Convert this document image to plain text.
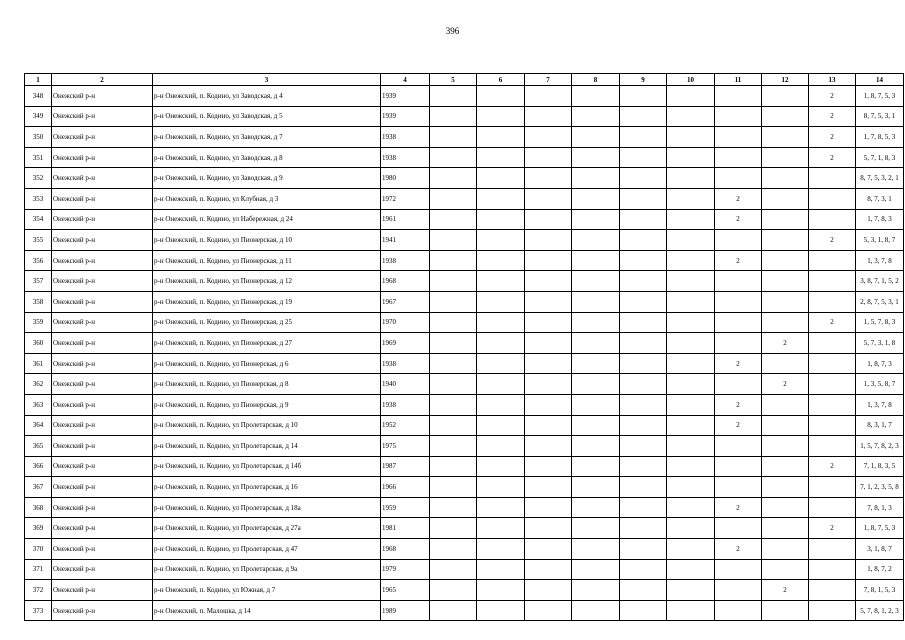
396
1	2	3	4	5	6	7	8	9	10	11	12	13	14
348	Онежский р-н	р-н Онежский, п. Кодино, ул Заводская, д 4	1939									2	1, 8, 7, 5, 3
349	Онежский р-н	р-н Онежский, п. Кодино, ул Заводская, д 5	1939									2	8, 7, 5, 3, 1
350	Онежский р-н	р-н Онежский, п. Кодино, ул Заводская, д 7	1938									2	1, 7, 8, 5, 3
351	Онежский р-н	р-н Онежский, п. Кодино, ул Заводская, д 8	1938									2	5, 7, 1, 8, 3
352	Онежский р-н	р-н Онежский, п. Кодино, ул Заводская, д 9	1980										8, 7, 5, 3, 2, 1
353	Онежский р-н	р-н Онежский, п. Кодино, ул Клубная, д 3	1972							2			8, 7, 3, 1
354	Онежский р-н	р-н Онежский, п. Кодино, ул Набережная, д 24	1961							2			1, 7, 8, 3
355	Онежский р-н	р-н Онежский, п. Кодино, ул Пионерская, д 10	1941									2	5, 3, 1, 8, 7
356	Онежский р-н	р-н Онежский, п. Кодино, ул Пионерская, д 11	1938							2			1, 3, 7, 8
357	Онежский р-н	р-н Онежский, п. Кодино, ул Пионерская, д 12	1968										3, 8, 7, 1, 5, 2
358	Онежский р-н	р-н Онежский, п. Кодино, ул Пионерская, д 19	1967										2, 8, 7, 5, 3, 1
359	Онежский р-н	р-н Онежский, п. Кодино, ул Пионерская, д 25	1970									2	1, 5, 7, 8, 3
360	Онежский р-н	р-н Онежский, п. Кодино, ул Пионерская, д 27	1969								2		5, 7, 3, 1, 8
361	Онежский р-н	р-н Онежский, п. Кодино, ул Пионерская, д 6	1938							2			1, 8, 7, 3
362	Онежский р-н	р-н Онежский, п. Кодино, ул Пионерская, д 8	1940								2		1, 3, 5, 8, 7
363	Онежский р-н	р-н Онежский, п. Кодино, ул Пионерская, д 9	1938							2			1, 3, 7, 8
364	Онежский р-н	р-н Онежский, п. Кодино, ул Пролетарская, д 10	1952							2			8, 3, 1, 7
365	Онежский р-н	р-н Онежский, п. Кодино, ул Пролетарская, д 14	1975										1, 5, 7, 8, 2, 3
366	Онежский р-н	р-н Онежский, п. Кодино, ул Пролетарская, д 14б	1987									2	7, 1, 8, 3, 5
367	Онежский р-н	р-н Онежский, п. Кодино, ул Пролетарская, д 16	1966										7, 1, 2, 3, 5, 8
368	Онежский р-н	р-н Онежский, п. Кодино, ул Пролетарская, д 18а	1959							2			7, 8, 1, 3
369	Онежский р-н	р-н Онежский, п. Кодино, ул Пролетарская, д 27а	1981									2	1, 8, 7, 5, 3
370	Онежский р-н	р-н Онежский, п. Кодино, ул Пролетарская, д 47	1968							2			3, 1, 8, 7
371	Онежский р-н	р-н Онежский, п. Кодино, ул Пролетарская, д 9а	1979										1, 8, 7, 2
372	Онежский р-н	р-н Онежский, п. Кодино, ул Южная, д 7	1965								2		7, 8, 1, 5, 3
373	Онежский р-н	р-н Онежский, п. Малошка, д 14	1989										5, 7, 8, 1, 2, 3
